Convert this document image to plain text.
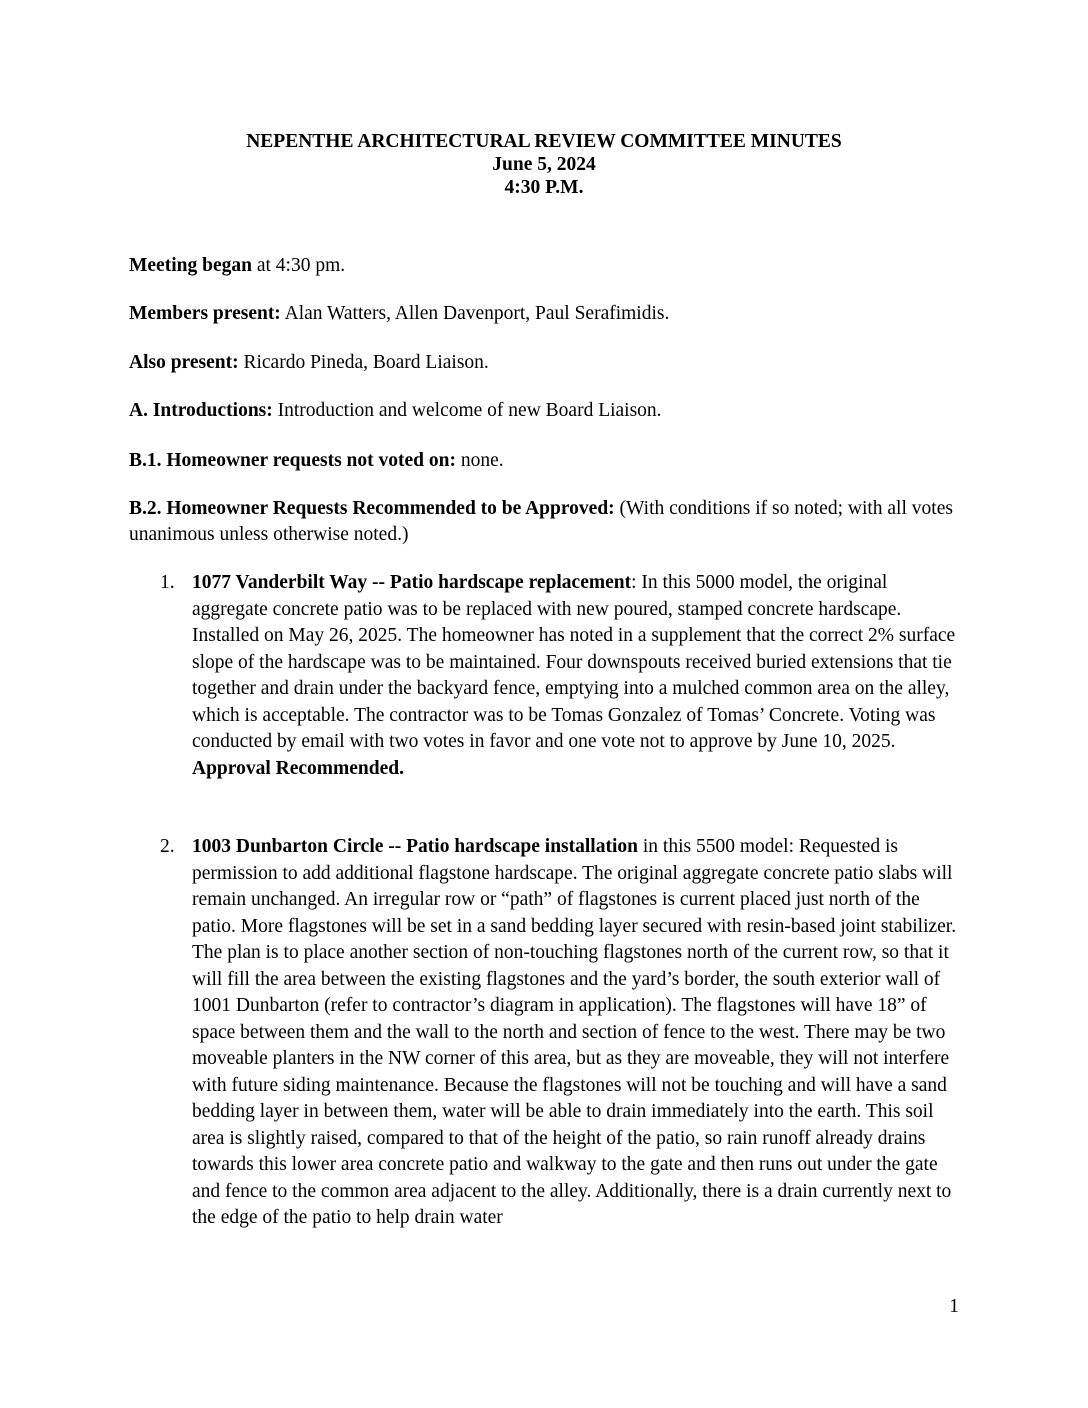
NEPENTHE ARCHITECTURAL REVIEW COMMITTEE MINUTES
June 5, 2024
4:30 P.M.
Meeting began at 4:30 pm.
Members present: Alan Watters, Allen Davenport, Paul Serafimidis.
Also present: Ricardo Pineda, Board Liaison.
A. Introductions: Introduction and welcome of new Board Liaison.
B.1. Homeowner requests not voted on: none.
B.2. Homeowner Requests Recommended to be Approved: (With conditions if so noted; with all votes unanimous unless otherwise noted.)
1. 1077 Vanderbilt Way -- Patio hardscape replacement: In this 5000 model, the original aggregate concrete patio was to be replaced with new poured, stamped concrete hardscape. Installed on May 26, 2025. The homeowner has noted in a supplement that the correct 2% surface slope of the hardscape was to be maintained. Four downspouts received buried extensions that tie together and drain under the backyard fence, emptying into a mulched common area on the alley, which is acceptable. The contractor was to be Tomas Gonzalez of Tomas’ Concrete. Voting was conducted by email with two votes in favor and one vote not to approve by June 10, 2025. Approval Recommended.
2. 1003 Dunbarton Circle -- Patio hardscape installation in this 5500 model: Requested is permission to add additional flagstone hardscape. The original aggregate concrete patio slabs will remain unchanged. An irregular row or “path” of flagstones is current placed just north of the patio. More flagstones will be set in a sand bedding layer secured with resin-based joint stabilizer. The plan is to place another section of non-touching flagstones north of the current row, so that it will fill the area between the existing flagstones and the yard’s border, the south exterior wall of 1001 Dunbarton (refer to contractor’s diagram in application). The flagstones will have 18” of space between them and the wall to the north and section of fence to the west. There may be two moveable planters in the NW corner of this area, but as they are moveable, they will not interfere with future siding maintenance. Because the flagstones will not be touching and will have a sand bedding layer in between them, water will be able to drain immediately into the earth. This soil area is slightly raised, compared to that of the height of the patio, so rain runoff already drains towards this lower area concrete patio and walkway to the gate and then runs out under the gate and fence to the common area adjacent to the alley. Additionally, there is a drain currently next to the edge of the patio to help drain water
1
